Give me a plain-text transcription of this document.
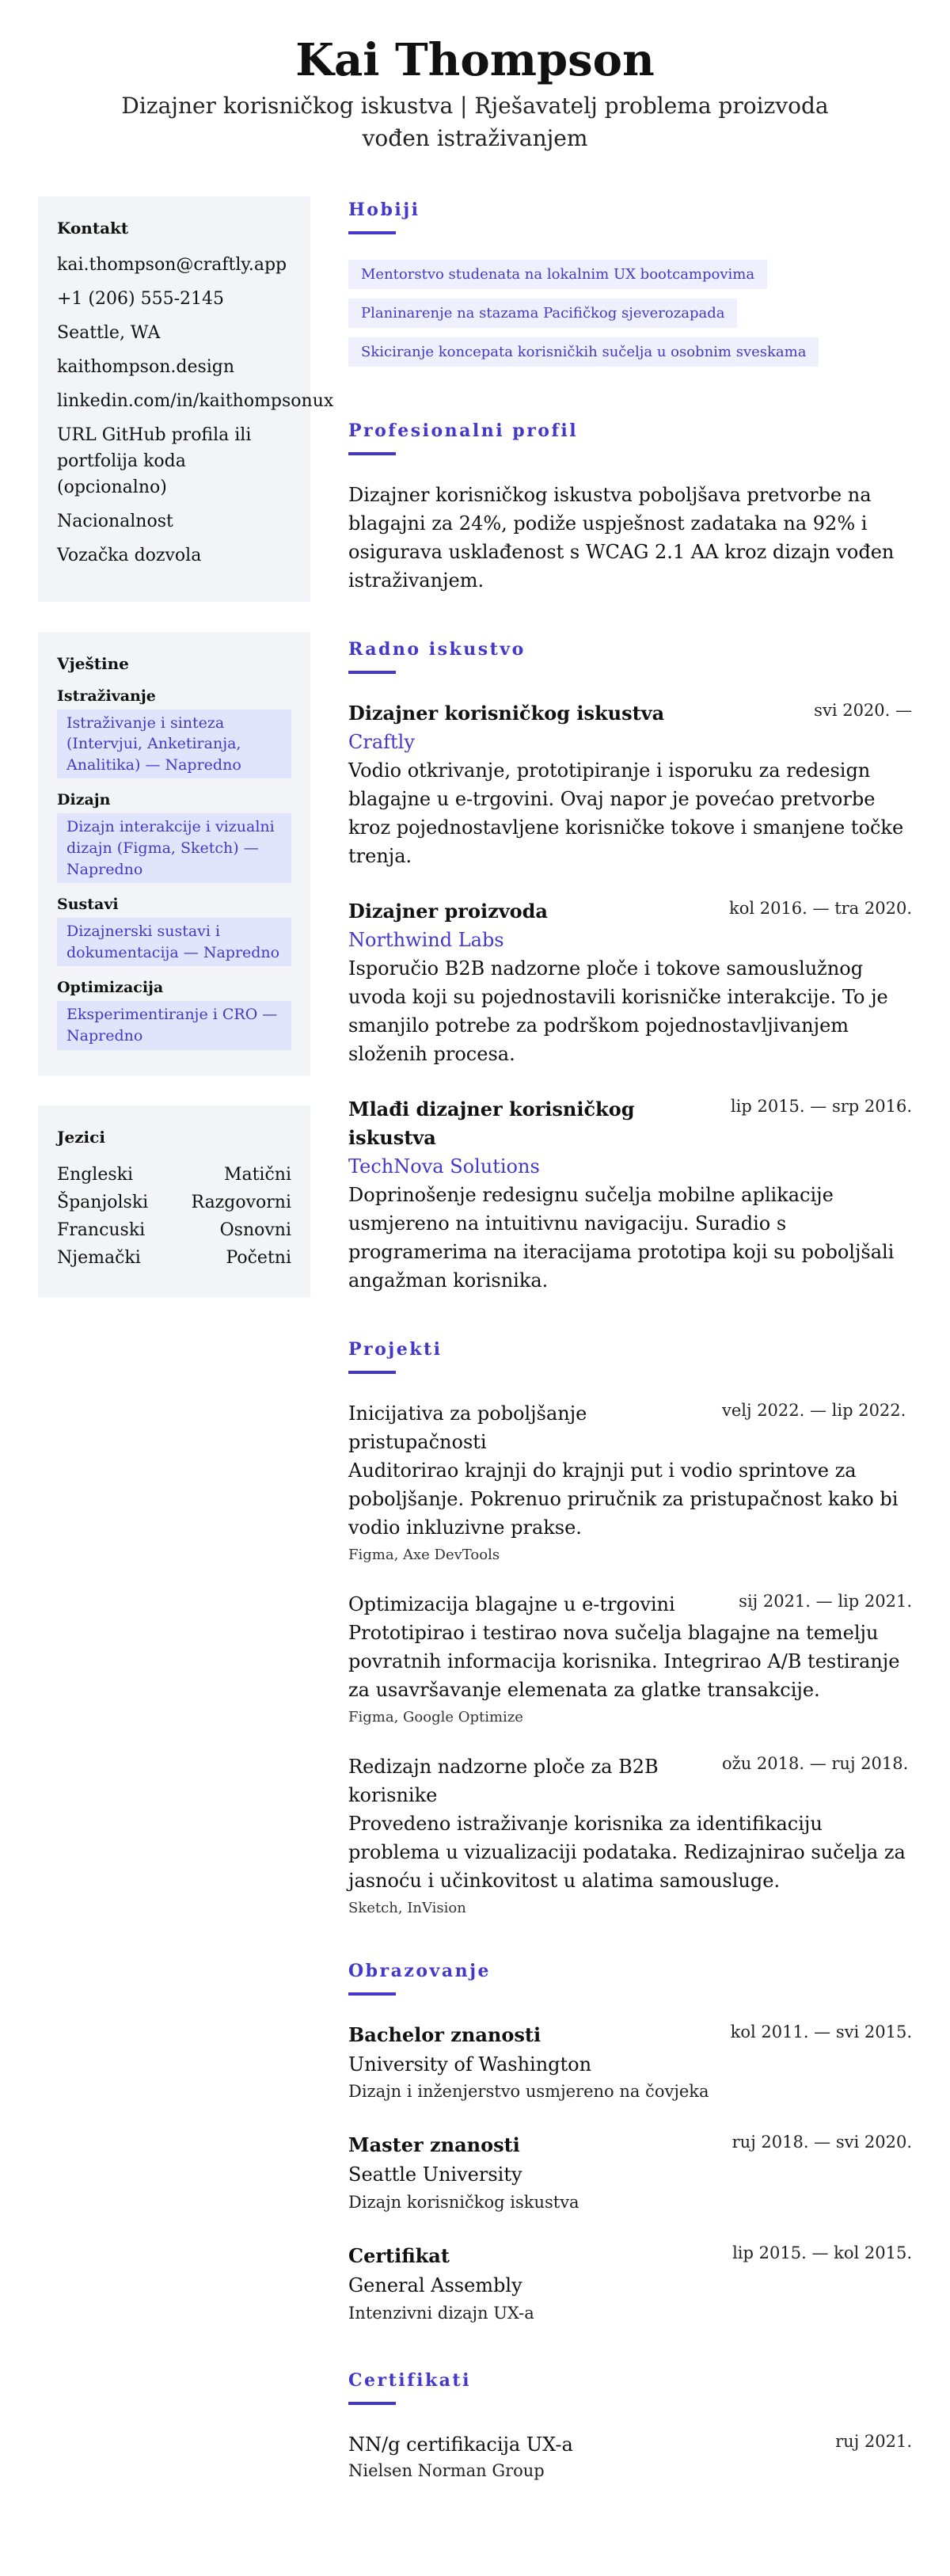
Kai Thompson
Dizajner korisničkog iskustva | Rješavatelj problema proizvoda vođen istraživanjem
Kontakt
kai.thompson@craftly.app
+1 (206) 555-2145
Seattle, WA
kaithompson.design
linkedin.com/in/kaithompsonux
URL GitHub profila ili portfolija koda (opcionalno)
Nacionalnost
Vozačka dozvola
Vještine
Istraživanje
Istraživanje i sinteza (Intervjui, Anketiranja, Analitika) — Napredno
Dizajn
Dizajn interakcije i vizualni dizajn (Figma, Sketch) — Napredno
Sustavi
Dizajnerski sustavi i dokumentacija — Napredno
Optimizacija
Eksperimentiranje i CRO — Napredno
Jezici
Engleski	Matični
Španjolski Razgovorni
Francuski	Osnovni
Njemački	Početni
Hobiji
Mentorstvo studenata na lokalnim UX bootcampovima
Planinarenje na stazama Pacifičkog sjeverozapada
Skiciranje koncepata korisničkih sučelja u osobnim sveskama
Profesionalni profil

Dizajner korisničkog iskustva poboljšava pretvorbe na blagajni za 24%, podiže uspješnost zadataka na 92% i osigurava usklađenost s WCAG 2.1 AA kroz dizajn vođen istraživanjem.

Radno iskustvo
Dizajner korisničkog iskustva	svi 2020. —
Craftly

Vodio otkrivanje, prototipiranje i isporuku za redesign blagajne u e-trgovini. Ovaj napor je povećao pretvorbe kroz pojednostavljene korisničke tokove i smanjene točke trenja.

Dizajner proizvoda	kol 2016. — tra 2020.
Northwind Labs

Isporučio B2B nadzorne ploče i tokove samouslužnog uvoda koji su pojednostavili korisničke interakcije. To je smanjilo potrebe za podrškom pojednostavljivanjem složenih procesa.

Mlađi dizajner korisničkog iskustva
lip 2015. — srp 2016.
TechNova Solutions

Doprinošenje redesignu sučelja mobilne aplikacije usmjereno na intuitivnu navigaciju. Suradio s programerima na iteracijama prototipa koji su poboljšali angažman korisnika.

Projekti
Inicijativa za poboljšanje pristupačnosti
velj 2022. — lip 2022.

Auditorirao krajnji do krajnji put i vodio sprintove za poboljšanje. Pokrenuo priručnik za pristupačnost kako bi vodio inkluzivne prakse.

Figma, Axe DevTools
Optimizacija blagajne u e-trgovini	sij 2021. — lip 2021.

Prototipirao i testirao nova sučelja blagajne na temelju povratnih informacija korisnika. Integrirao A/B testiranje za usavršavanje elemenata za glatke transakcije.

Figma, Google Optimize
Redizajn nadzorne ploče za B2B korisnike
ožu 2018. — ruj 2018.

Provedeno istraživanje korisnika za identifikaciju problema u vizualizaciji podataka. Redizajnirao sučelja za jasnoću i učinkovitost u alatima samousluge.

Sketch, InVision
Obrazovanje
Bachelor znanosti	kol 2011. — svi 2015.
University of Washington
Dizajn i inženjerstvo usmjereno na čovjeka
Master znanosti	ruj 2018. — svi 2020.
Seattle University
Dizajn korisničkog iskustva
Certifikat	lip 2015. — kol 2015.
General Assembly
Intenzivni dizajn UX-a
Certifikati
NN/g certifikacija UX-a	ruj 2021.
Nielsen Norman Group
